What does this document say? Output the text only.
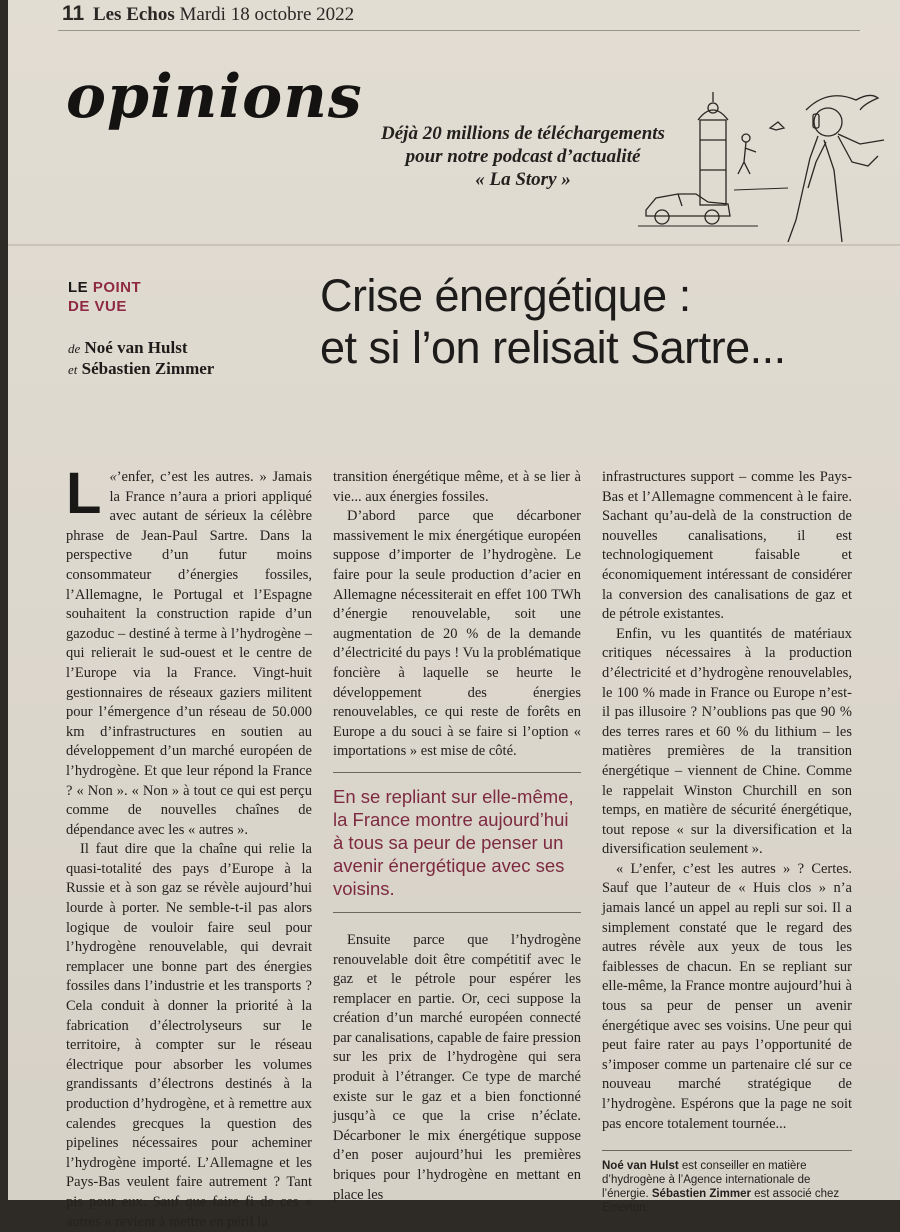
11 Les Echos Mardi 18 octobre 2022
opinions
Déjà 20 millions de téléchargements
pour notre podcast d’actualité
« La Story »
LE POINT
DE VUE
de Noé van Hulst
et Sébastien Zimmer
Crise énergétique :
et si l’on relisait Sartre...

L «’enfer, c’est les autres. » Jamais la France n’aura a priori appliqué avec autant de sérieux la célèbre phrase de Jean-Paul Sartre. Dans la perspective d’un futur moins consommateur d’énergies fossiles, l’Allemagne, le Portugal et l’Espagne souhaitent la construction rapide d’un gazoduc – destiné à terme à l’hydrogène – qui relierait le sud-ouest et le centre de l’Europe via la France. Vingt-huit gestionnaires de réseaux gaziers militent pour l’émergence d’un réseau de 50.000 km d’infrastructures en soutien au développement d’un marché européen de l’hydrogène. Et que leur répond la France ? « Non ». « Non » à tout ce qui est perçu comme de nouvelles chaînes de dépendance avec les « autres ».

Il faut dire que la chaîne qui relie la quasi-totalité des pays d’Europe à la Russie et à son gaz se révèle aujourd’hui lourde à porter. Ne semble-t-il pas alors logique de vouloir faire seul pour l’hydrogène renouvelable, qui devrait remplacer une bonne part des énergies fossiles dans l’industrie et les transports ? Cela conduit à donner la priorité à la fabrication d’électrolyseurs sur le territoire, à compter sur le réseau électrique pour absorber les volumes grandissants d’électrons destinés à la production d’hydrogène, et à remettre aux calendes grecques la question des pipelines nécessaires pour acheminer l’hydrogène importé. L’Allemagne et les Pays-Bas veulent faire autrement ? Tant pis pour eux. Sauf que faire fi de ces « autres » revient à mettre en péril la

transition énergétique même, et à se lier à vie... aux énergies fossiles.

D’abord parce que décarboner massivement le mix énergétique européen suppose d’importer de l’hydrogène. Le faire pour la seule production d’acier en Allemagne nécessiterait en effet 100 TWh d’énergie renouvelable, soit une augmentation de 20 % de la demande d’électricité du pays ! Vu la problématique foncière à laquelle se heurte le développement des énergies renouvelables, ce qui reste de forêts en Europe a du souci à se faire si l’option « importations » est mise de côté.

En se repliant sur elle-même, la France montre aujourd’hui à tous sa peur de penser un avenir énergétique avec ses voisins.

Ensuite parce que l’hydrogène renouvelable doit être compétitif avec le gaz et le pétrole pour espérer les remplacer en partie. Or, ceci suppose la création d’un marché européen connecté par canalisations, capable de faire pression sur les prix de l’hydrogène qui sera produit à l’étranger. Ce type de marché existe sur le gaz et a bien fonctionné jusqu’à ce que la crise n’éclate. Décarboner le mix énergétique suppose d’en poser aujourd’hui les premières briques pour l’hydrogène en mettant en place les

infrastructures support – comme les Pays-Bas et l’Allemagne commencent à le faire. Sachant qu’au-delà de la construction de nouvelles canalisations, il est technologiquement faisable et économiquement intéressant de considérer la conversion des canalisations de gaz et de pétrole existantes.

Enfin, vu les quantités de matériaux critiques nécessaires à la production d’électricité et d’hydrogène renouvelables, le 100 % made in France ou Europe n’est-il pas illusoire ? N’oublions pas que 90 % des terres rares et 60 % du lithium – les matières premières de la transition énergétique – viennent de Chine. Comme le rappelait Winston Churchill en son temps, en matière de sécurité énergétique, tout repose « sur la diversification et la diversification seulement ».

« L’enfer, c’est les autres » ? Certes. Sauf que l’auteur de « Huis clos » n’a jamais lancé un appel au repli sur soi. Il a simplement constaté que le regard des autres révèle aux yeux de tous les faiblesses de chacun. En se repliant sur elle-même, la France montre aujourd’hui à tous sa peur de penser un avenir énergétique avec ses voisins. Une peur qui peut faire rater au pays l’opportunité de s’imposer comme un partenaire clé sur ce nouveau marché stratégique de l’hydrogène. Espérons que la page ne soit pas encore totalement tournée...

Noé van Hulst est conseiller en matière d’hydrogène à l’Agence internationale de l’énergie. Sébastien Zimmer est associé chez Emerton.
